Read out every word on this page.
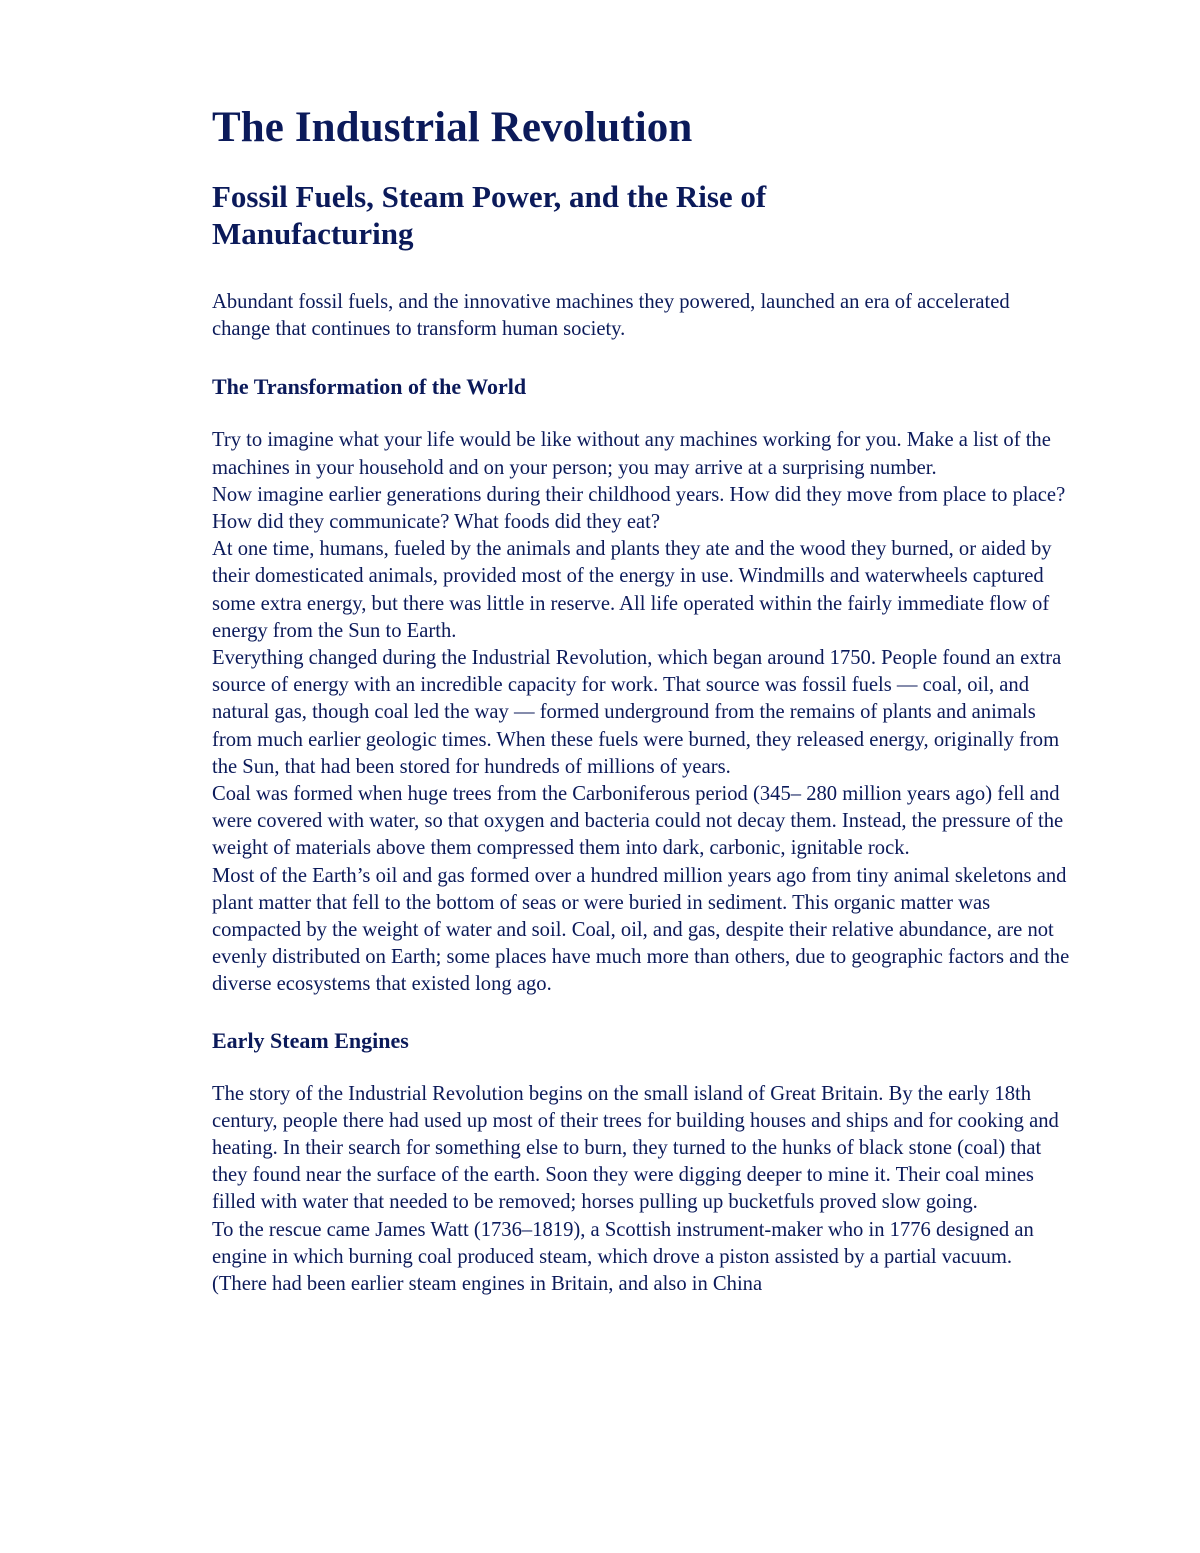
The Industrial Revolution
Fossil Fuels, Steam Power, and the Rise of Manufacturing

Abundant fossil fuels, and the innovative machines they powered, launched an era of accelerated change that continues to transform human society.

The Transformation of the World

Try to imagine what your life would be like without any machines working for you. Make a list of the machines in your household and on your person; you may arrive at a surprising number.

Now imagine earlier generations during their childhood years. How did they move from place to place? How did they communicate? What foods did they eat?

At one time, humans, fueled by the animals and plants they ate and the wood they burned, or aided by their domesticated animals, provided most of the energy in use. Windmills and waterwheels captured some extra energy, but there was little in reserve. All life operated within the fairly immediate flow of energy from the Sun to Earth.

Everything changed during the Industrial Revolution, which began around 1750. People found an extra source of energy with an incredible capacity for work. That source was fossil fuels — coal, oil, and natural gas, though coal led the way — formed underground from the remains of plants and animals from much earlier geologic times. When these fuels were burned, they released energy, originally from the Sun, that had been stored for hundreds of millions of years.

Coal was formed when huge trees from the Carboniferous period (345– 280 million years ago) fell and were covered with water, so that oxygen and bacteria could not decay them. Instead, the pressure of the weight of materials above them compressed them into dark, carbonic, ignitable rock.

Most of the Earth’s oil and gas formed over a hundred million years ago from tiny animal skeletons and plant matter that fell to the bottom of seas or were buried in sediment. This organic matter was compacted by the weight of water and soil. Coal, oil, and gas, despite their relative abundance, are not evenly distributed on Earth; some places have much more than others, due to geographic factors and the diverse ecosystems that existed long ago.

Early Steam Engines

The story of the Industrial Revolution begins on the small island of Great Britain. By the early 18th century, people there had used up most of their trees for building houses and ships and for cooking and heating. In their search for something else to burn, they turned to the hunks of black stone (coal) that they found near the surface of the earth. Soon they were digging deeper to mine it. Their coal mines filled with water that needed to be removed; horses pulling up bucketfuls proved slow going.

To the rescue came James Watt (1736–1819), a Scottish instrument-maker who in 1776 designed an engine in which burning coal produced steam, which drove a piston assisted by a partial vacuum. (There had been earlier steam engines in Britain, and also in China
